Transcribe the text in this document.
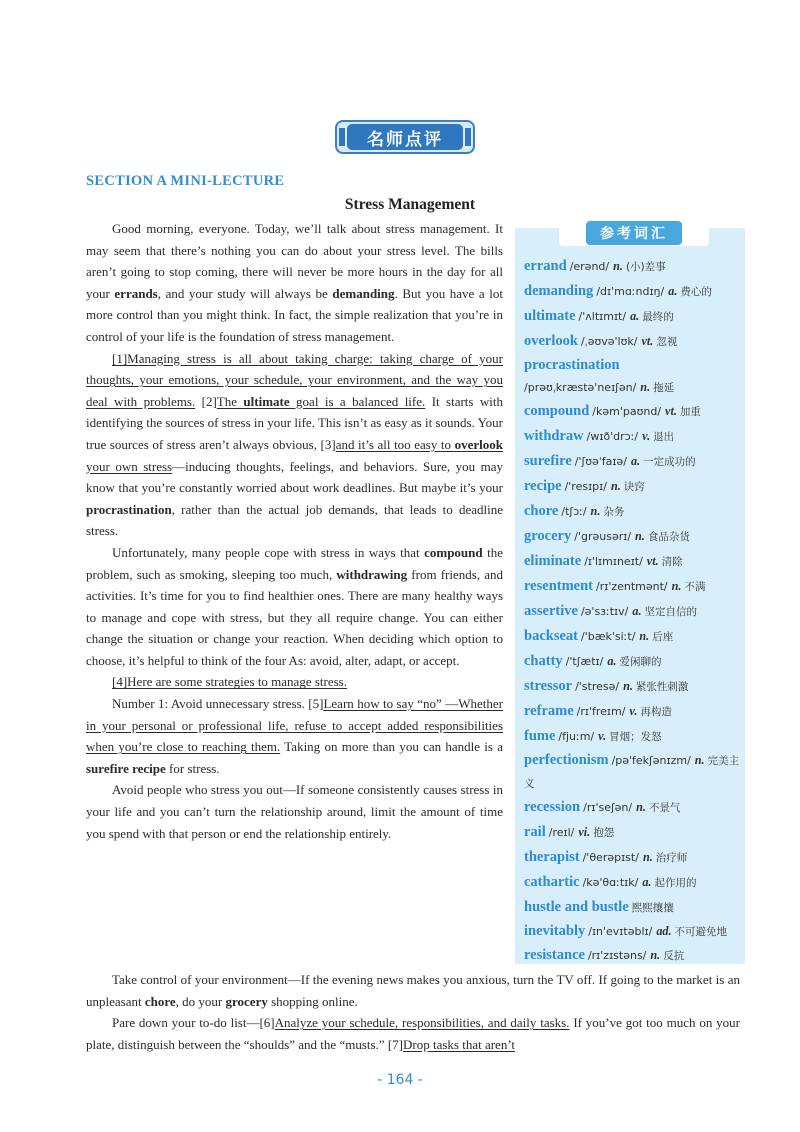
名师点评
SECTION A MINI-LECTURE
Stress Management

Good morning, everyone. Today, we’ll talk about stress management. It may seem that there’s nothing you can do about your stress level. The bills aren’t going to stop coming, there will never be more hours in the day for all your errands, and your study will always be demanding. But you have a lot more control than you might think. In fact, the simple realization that you’re in control of your life is the foundation of stress management.

[1]Managing stress is all about taking charge: taking charge of your thoughts, your emotions, your schedule, your environment, and the way you deal with problems. [2]The ultimate goal is a balanced life. It starts with identifying the sources of stress in your life. This isn’t as easy as it sounds. Your true sources of stress aren’t always obvious, [3]and it’s all too easy to overlook your own stress—inducing thoughts, feelings, and behaviors. Sure, you may know that you’re constantly worried about work deadlines. But maybe it’s your procrastination, rather than the actual job demands, that leads to deadline stress.

Unfortunately, many people cope with stress in ways that compound the problem, such as smoking, sleeping too much, withdrawing from friends, and activities. It’s time for you to find healthier ones. There are many healthy ways to manage and cope with stress, but they all require change. You can either change the situation or change your reaction. When deciding which option to choose, it’s helpful to think of the four As: avoid, alter, adapt, or accept.

[4]Here are some strategies to manage stress.

Number 1: Avoid unnecessary stress. [5]Learn how to say “no” —Whether in your personal or professional life, refuse to accept added responsibilities when you’re close to reaching them. Taking on more than you can handle is a surefire recipe for stress.

Avoid people who stress you out—If someone consistently causes stress in your life and you can’t turn the relationship around, limit the amount of time you spend with that person or end the relationship entirely.

Take control of your environment—If the evening news makes you anxious, turn the TV off. If going to the market is an unpleasant chore, do your grocery shopping online.

Pare down your to-do list—[6]Analyze your schedule, responsibilities, and daily tasks. If you’ve got too much on your plate, distinguish between the “shoulds” and the “musts.” [7]Drop tasks that aren’t

参考词汇
errand /erənd/ n. (小)差事
demanding /dɪ'mɑːndɪŋ/ a. 费心的
ultimate /'ʌltɪmɪt/ a. 最终的
overlook /ˌəʊvə'lʊk/ vt. 忽视
procrastination
/prəʊˌkræstə'neɪʃən/ n. 拖延
compound /kəm'paʊnd/ vt. 加重
withdraw /wɪð'drɔː/ v. 退出
surefire /'ʃʊəˈfaɪə/ a. 一定成功的
recipe /'resɪpɪ/ n. 诀窍
chore /tʃɔː/ n. 杂务
grocery /'grəusərɪ/ n. 食品杂货
eliminate /ɪ'lɪmɪneɪt/ vt. 清除
resentment /rɪ'zentmənt/ n. 不满
assertive /ə'sɜːtɪv/ a. 坚定自信的
backseat /'bæk'siːt/ n. 后座
chatty /'tʃætɪ/ a. 爱闲聊的
stressor /'stresə/ n. 紧张性刺激
reframe /rɪ'freɪm/ v. 再构造
fume /fjuːm/ v. 冒烟；发怒
perfectionism /pə'fekʃənɪzm/ n. 完美主义
recession /rɪ'seʃən/ n. 不景气
rail /reɪl/ vi. 抱怨
therapist /'θerəpɪst/ n. 治疗师
cathartic /kə'θɑːtɪk/ a. 起作用的
hustle and bustle 熙熙攘攘
inevitably /ɪn'evɪtəblɪ/ ad. 不可避免地
resistance /rɪ'zɪstəns/ n. 反抗
- 164 -
